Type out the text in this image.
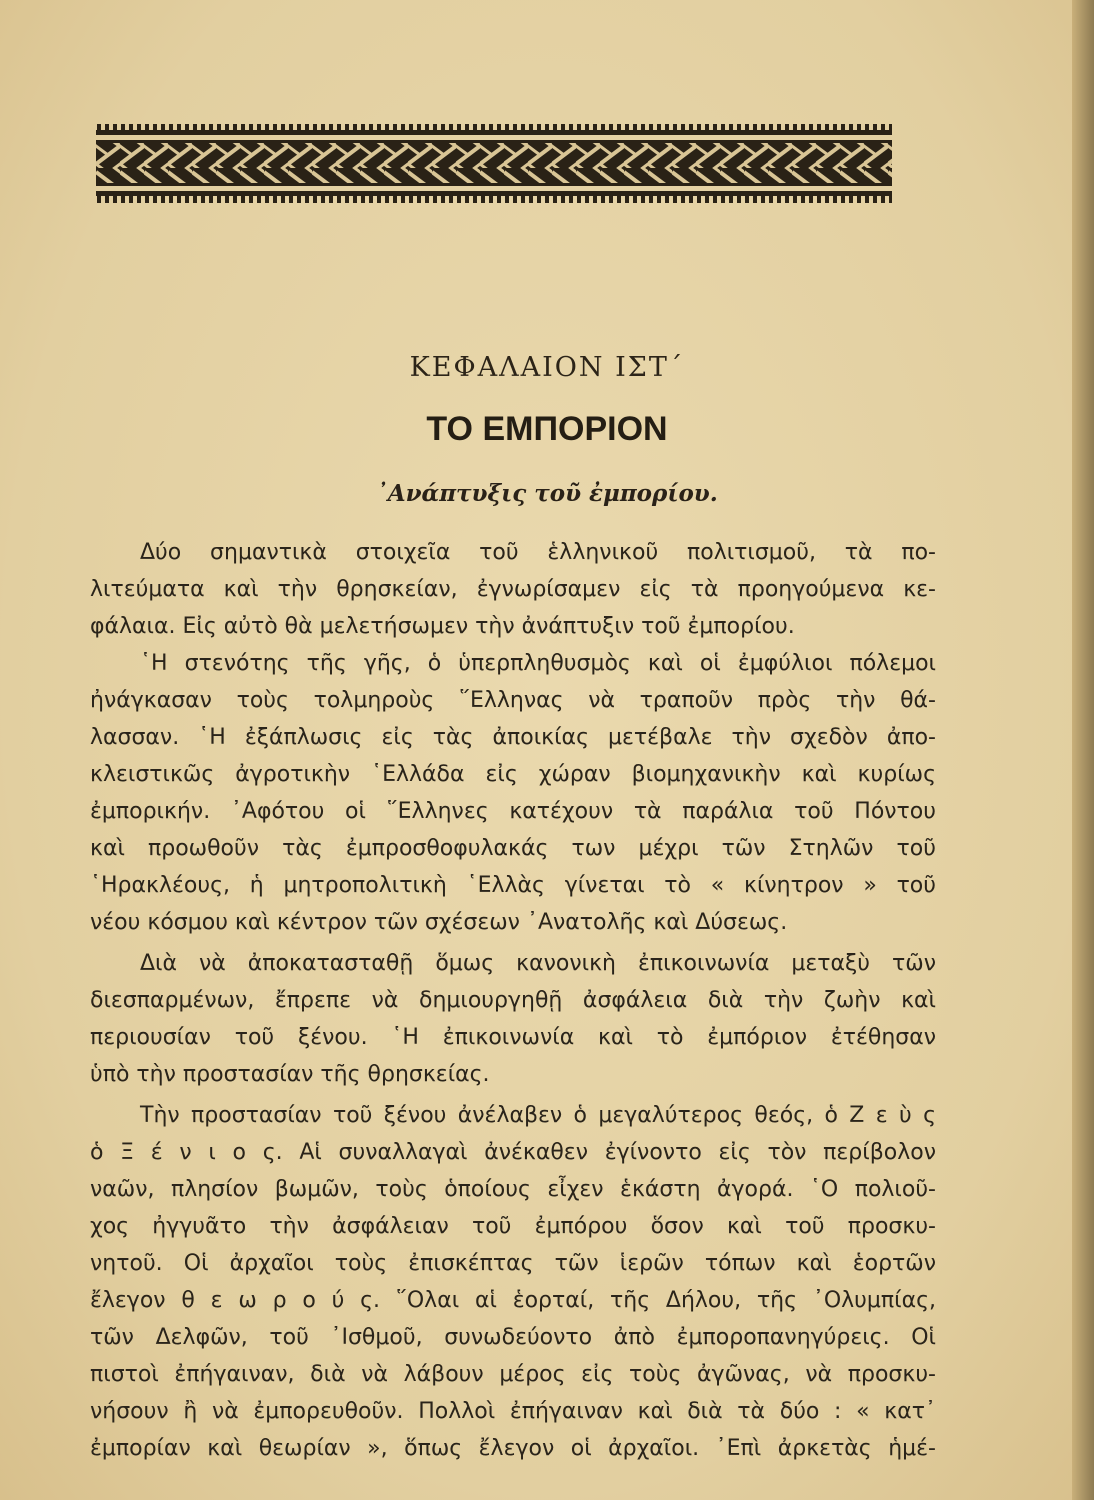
ΚΕΦΑΛΑΙΟΝ ΙΣΤ΄
ΤΟ ΕΜΠΟΡΙΟΝ
᾿Ανάπτυξις τοῦ ἐμπορίου.
Δύο σημαντικὰ στοιχεῖα τοῦ ἑλληνικοῦ πολιτισμοῦ, τὰ πο-
λιτεύματα καὶ τὴν θρησκείαν, ἐγνωρίσαμεν εἰς τὰ προηγούμενα κε-
φάλαια. Εἰς αὐτὸ θὰ μελετήσωμεν τὴν ἀνάπτυξιν τοῦ ἐμπορίου.
῾Η στενότης τῆς γῆς, ὁ ὑπερπληθυσμὸς καὶ οἱ ἐμφύλιοι πόλεμοι
ἠνάγκασαν τοὺς τολμηροὺς ῞Ελληνας νὰ τραποῦν πρὸς τὴν θά-
λασσαν. ῾Η ἐξάπλωσις εἰς τὰς ἀποικίας μετέβαλε τὴν σχεδὸν ἀπο-
κλειστικῶς ἀγροτικὴν ῾Ελλάδα εἰς χώραν βιομηχανικὴν καὶ κυρίως
ἐμπορικήν. ᾿Αφότου οἱ ῞Ελληνες κατέχουν τὰ παράλια τοῦ Πόντου
καὶ προωθοῦν τὰς ἐμπροσθοφυλακάς των μέχρι τῶν Στηλῶν τοῦ
῾Ηρακλέους, ἡ μητροπολιτικὴ ῾Ελλὰς γίνεται τὸ « κίνητρον » τοῦ
νέου κόσμου καὶ κέντρον τῶν σχέσεων ᾿Ανατολῆς καὶ Δύσεως.
Διὰ νὰ ἀποκατασταθῇ ὅμως κανονικὴ ἐπικοινωνία μεταξὺ τῶν
διεσπαρμένων, ἔπρεπε νὰ δημιουργηθῇ ἀσφάλεια διὰ τὴν ζωὴν καὶ
περιουσίαν τοῦ ξένου. ῾Η ἐπικοινωνία καὶ τὸ ἐμπόριον ἐτέθησαν
ὑπὸ τὴν προστασίαν τῆς θρησκείας.
Τὴν προστασίαν τοῦ ξένου ἀνέλαβεν ὁ μεγαλύτερος θεός, ὁ Ζ ε ὺ ς
ὁ Ξ έ ν ι ο ς. Αἱ συναλλαγαὶ ἀνέκαθεν ἐγίνοντο εἰς τὸν περίβολον
ναῶν, πλησίον βωμῶν, τοὺς ὁποίους εἶχεν ἑκάστη ἀγορά. ῾Ο πολιοῦ-
χος ἠγγυᾶτο τὴν ἀσφάλειαν τοῦ ἐμπόρου ὅσον καὶ τοῦ προσκυ-
νητοῦ. Οἱ ἀρχαῖοι τοὺς ἐπισκέπτας τῶν ἱερῶν τόπων καὶ ἑορτῶν
ἔλεγον θ ε ω ρ ο ύ ς. ῞Ολαι αἱ ἑορταί, τῆς Δήλου, τῆς ᾿Ολυμπίας,
τῶν Δελφῶν, τοῦ ᾿Ισθμοῦ, συνωδεύοντο ἀπὸ ἐμποροπανηγύρεις. Οἱ
πιστοὶ ἐπήγαιναν, διὰ νὰ λάβουν μέρος εἰς τοὺς ἀγῶνας, νὰ προσκυ-
νήσουν ἢ νὰ ἐμπορευθοῦν. Πολλοὶ ἐπήγαιναν καὶ διὰ τὰ δύο : « κατ᾿
ἐμπορίαν καὶ θεωρίαν », ὅπως ἔλεγον οἱ ἀρχαῖοι. ᾿Επὶ ἀρκετὰς ἡμέ-
